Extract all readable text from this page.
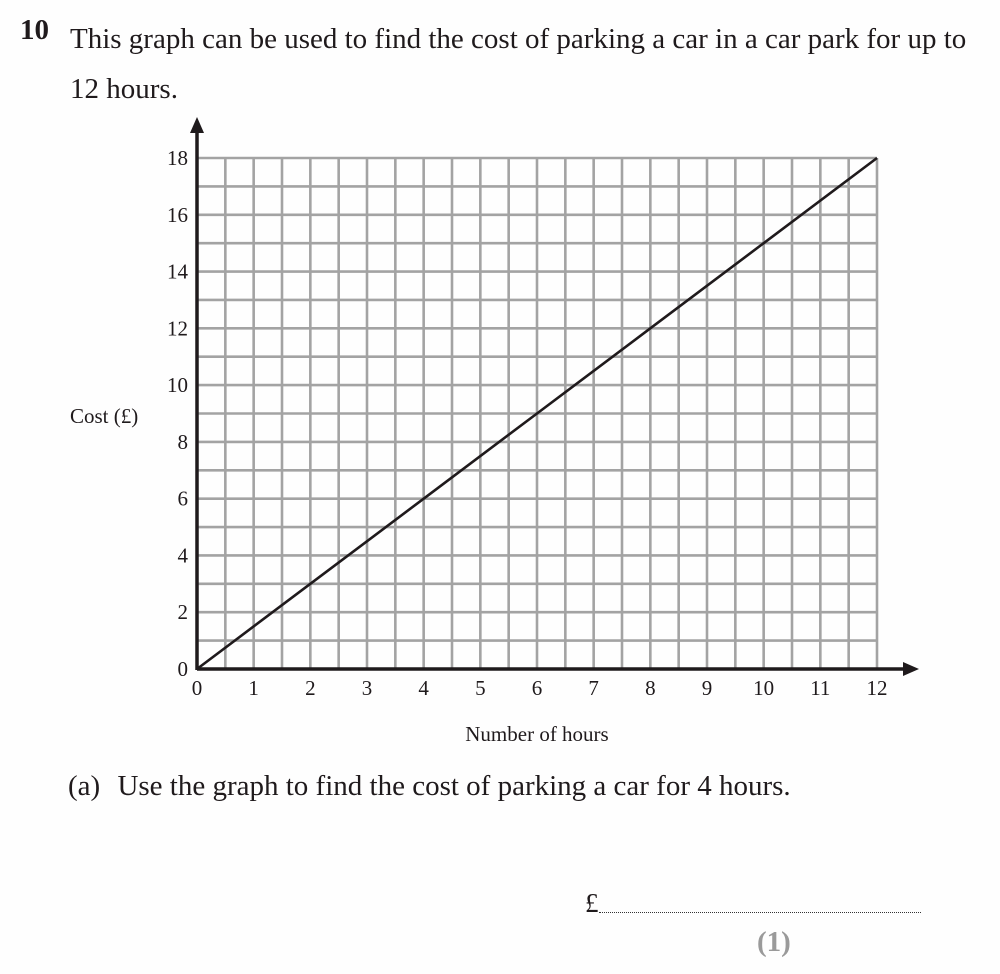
10 This graph can be used to find the cost of parking a car in a car park for up to 12 hours.
0 1 2 3 4 5 6 7 8 9 10 11 12
0
2
4
6
8
10
12
14
16
18
Cost (£)
Number of hours
(a) Use the graph to find the cost of parking a car for 4 hours.
£
(1)
